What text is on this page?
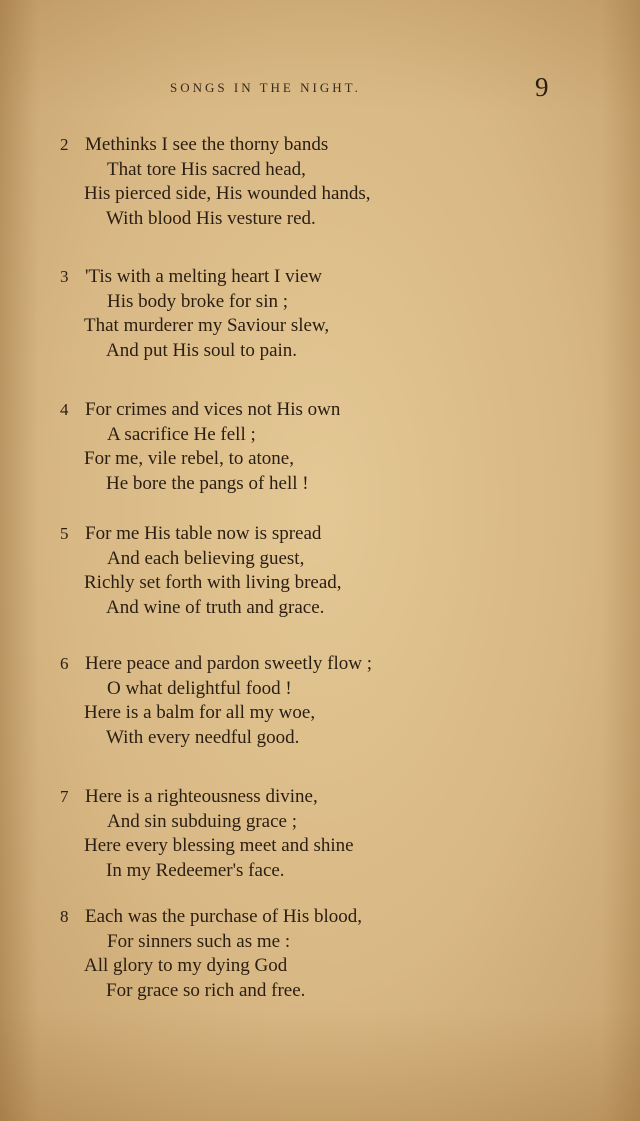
SONGS IN THE NIGHT.	9
2 Methinks I see the thorny bands
That tore His sacred head,
His pierced side, His wounded hands,
With blood His vesture red.
3 'Tis with a melting heart I view
His body broke for sin ;
That murderer my Saviour slew,
And put His soul to pain.
4 For crimes and vices not His own
A sacrifice He fell ;
For me, vile rebel, to atone,
He bore the pangs of hell !
5 For me His table now is spread
And each believing guest,
Richly set forth with living bread,
And wine of truth and grace.
6 Here peace and pardon sweetly flow ;
O what delightful food !
Here is a balm for all my woe,
With every needful good.
7 Here is a righteousness divine,
And sin subduing grace ;
Here every blessing meet and shine
In my Redeemer's face.
8 Each was the purchase of His blood,
For sinners such as me :
All glory to my dying God
For grace so rich and free.
